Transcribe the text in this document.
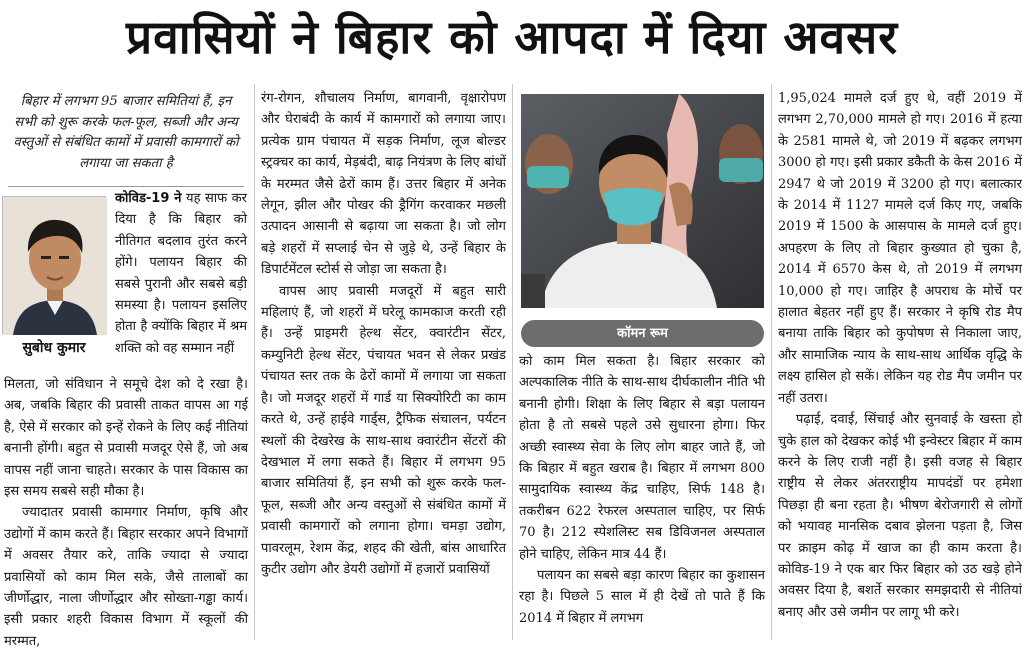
प्रवासियों ने बिहार को आपदा में दिया अवसर
बिहार में लगभग 95 बाजार समितियां हैं, इन सभी को शुरू करके फल-फूल, सब्जी और अन्य वस्तुओं से संबंधित कामों में प्रवासी कामगारों को लगाया जा सकता है
सुबोध कुमार
कोविड-19 ने यह साफ कर दिया है कि बिहार को नीतिगत बदलाव तुरंत करने होंगे। पलायन बिहार की सबसे पुरानी और सबसे बड़ी समस्या है। पलायन इसलिए होता है क्योंकि बिहार में श्रम शक्ति को वह सम्मान नहीं

मिलता, जो संविधान ने समूचे देश को दे रखा है। अब, जबकि बिहार की प्रवासी ताकत वापस आ गई है, ऐसे में सरकार को इन्हें रोकने के लिए कई नीतियां बनानी होंगी। बहुत से प्रवासी मजदूर ऐसे हैं, जो अब वापस नहीं जाना चाहते। सरकार के पास विकास का इस समय सबसे सही मौका है।

ज्यादातर प्रवासी कामगार निर्माण, कृषि और उद्योगों में काम करते हैं। बिहार सरकार अपने विभागों में अवसर तैयार करे, ताकि ज्यादा से ज्यादा प्रवासियों को काम मिल सके, जैसे तालाबों का जीर्णोद्धार, नाला जीर्णोद्धार और सोख्ता-गड्ढा कार्य। इसी प्रकार शहरी विकास विभाग में स्कूलों की मरम्मत,

रंग-रोगन, शौचालय निर्माण, बागवानी, वृक्षारोपण और घेराबंदी के कार्य में कामगारों को लगाया जाए। प्रत्येक ग्राम पंचायत में सड़क निर्माण, लूज बोल्डर स्ट्रक्चर का कार्य, मेड़बंदी, बाढ़ नियंत्रण के लिए बांधों के मरम्मत जैसे ढेरों काम हैं। उत्तर बिहार में अनेक लेगून, झील और पोखर की ड्रैगिंग करवाकर मछली उत्पादन आसानी से बढ़ाया जा सकता है। जो लोग बड़े शहरों में सप्लाई चेन से जुड़े थे, उन्हें बिहार के डिपार्टमेंटल स्टोर्स से जोड़ा जा सकता है।

वापस आए प्रवासी मजदूरों में बहुत सारी महिलाएं हैं, जो शहरों में घरेलू कामकाज करती रही हैं। उन्हें प्राइमरी हेल्थ सेंटर, क्वारंटीन सेंटर, कम्युनिटी हेल्थ सेंटर, पंचायत भवन से लेकर प्रखंड पंचायत स्तर तक के ढेरों कामों में लगाया जा सकता है। जो मजदूर शहरों में गार्ड या सिक्योरिटी का काम करते थे, उन्हें हाईवे गार्ड्स, ट्रैफिक संचालन, पर्यटन स्थलों की देखरेख के साथ-साथ क्वारंटीन सेंटरों की देखभाल में लगा सकते हैं। बिहार में लगभग 95 बाजार समितियां हैं, इन सभी को शुरू करके फल-फूल, सब्जी और अन्य वस्तुओं से संबंधित कामों में प्रवासी कामगारों को लगाना होगा। चमड़ा उद्योग, पावरलूम, रेशम केंद्र, शहद की खेती, बांस आधारित कुटीर उद्योग और डेयरी उद्योगों में हजारों प्रवासियों

कॉमन रूम

को काम मिल सकता है। बिहार सरकार को अल्पकालिक नीति के साथ-साथ दीर्घकालीन नीति भी बनानी होगी। शिक्षा के लिए बिहार से बड़ा पलायन होता है तो सबसे पहले उसे सुधारना होगा। फिर अच्छी स्वास्थ्य सेवा के लिए लोग बाहर जाते हैं, जो कि बिहार में बहुत खराब है। बिहार में लगभग 800 सामुदायिक स्वास्थ्य केंद्र चाहिए, सिर्फ 148 है। तकरीबन 622 रेफरल अस्पताल चाहिए, पर सिर्फ 70 है। 212 स्पेशलिस्ट सब डिविजनल अस्पताल होने चाहिए, लेकिन मात्र 44 हैं।

पलायन का सबसे बड़ा कारण बिहार का कुशासन रहा है। पिछले 5 साल में ही देखें तो पाते हैं कि 2014 में बिहार में लगभग

1,95,024 मामले दर्ज हुए थे, वहीं 2019 में लगभग 2,70,000 मामले हो गए। 2016 में हत्या के 2581 मामले थे, जो 2019 में बढ़कर लगभग 3000 हो गए। इसी प्रकार डकैती के केस 2016 में 2947 थे जो 2019 में 3200 हो गए। बलात्कार के 2014 में 1127 मामले दर्ज किए गए, जबकि 2019 में 1500 के आसपास के मामले दर्ज हुए। अपहरण के लिए तो बिहार कुख्यात हो चुका है, 2014 में 6570 केस थे, तो 2019 में लगभग 10,000 हो गए। जाहिर है अपराध के मोर्चे पर हालात बेहतर नहीं हुए हैं। सरकार ने कृषि रोड मैप बनाया ताकि बिहार को कुपोषण से निकाला जाए, और सामाजिक न्याय के साथ-साथ आर्थिक वृद्धि के लक्ष्य हासिल हो सकें। लेकिन यह रोड मैप जमीन पर नहीं उतरा।

पढ़ाई, दवाई, सिंचाई और सुनवाई के खस्ता हो चुके हाल को देखकर कोई भी इन्वेस्टर बिहार में काम करने के लिए राजी नहीं है। इसी वजह से बिहार राष्ट्रीय से लेकर अंतरराष्ट्रीय मापदंडों पर हमेशा पिछड़ा ही बना रहता है। भीषण बेरोजगारी से लोगों को भयावह मानसिक दबाव झेलना पड़ता है, जिस पर क्राइम कोढ़ में खाज का ही काम करता है। कोविड-19 ने एक बार फिर बिहार को उठ खड़े होने अवसर दिया है, बशर्ते सरकार समझदारी से नीतियां बनाए और उसे जमीन पर लागू भी करे।
